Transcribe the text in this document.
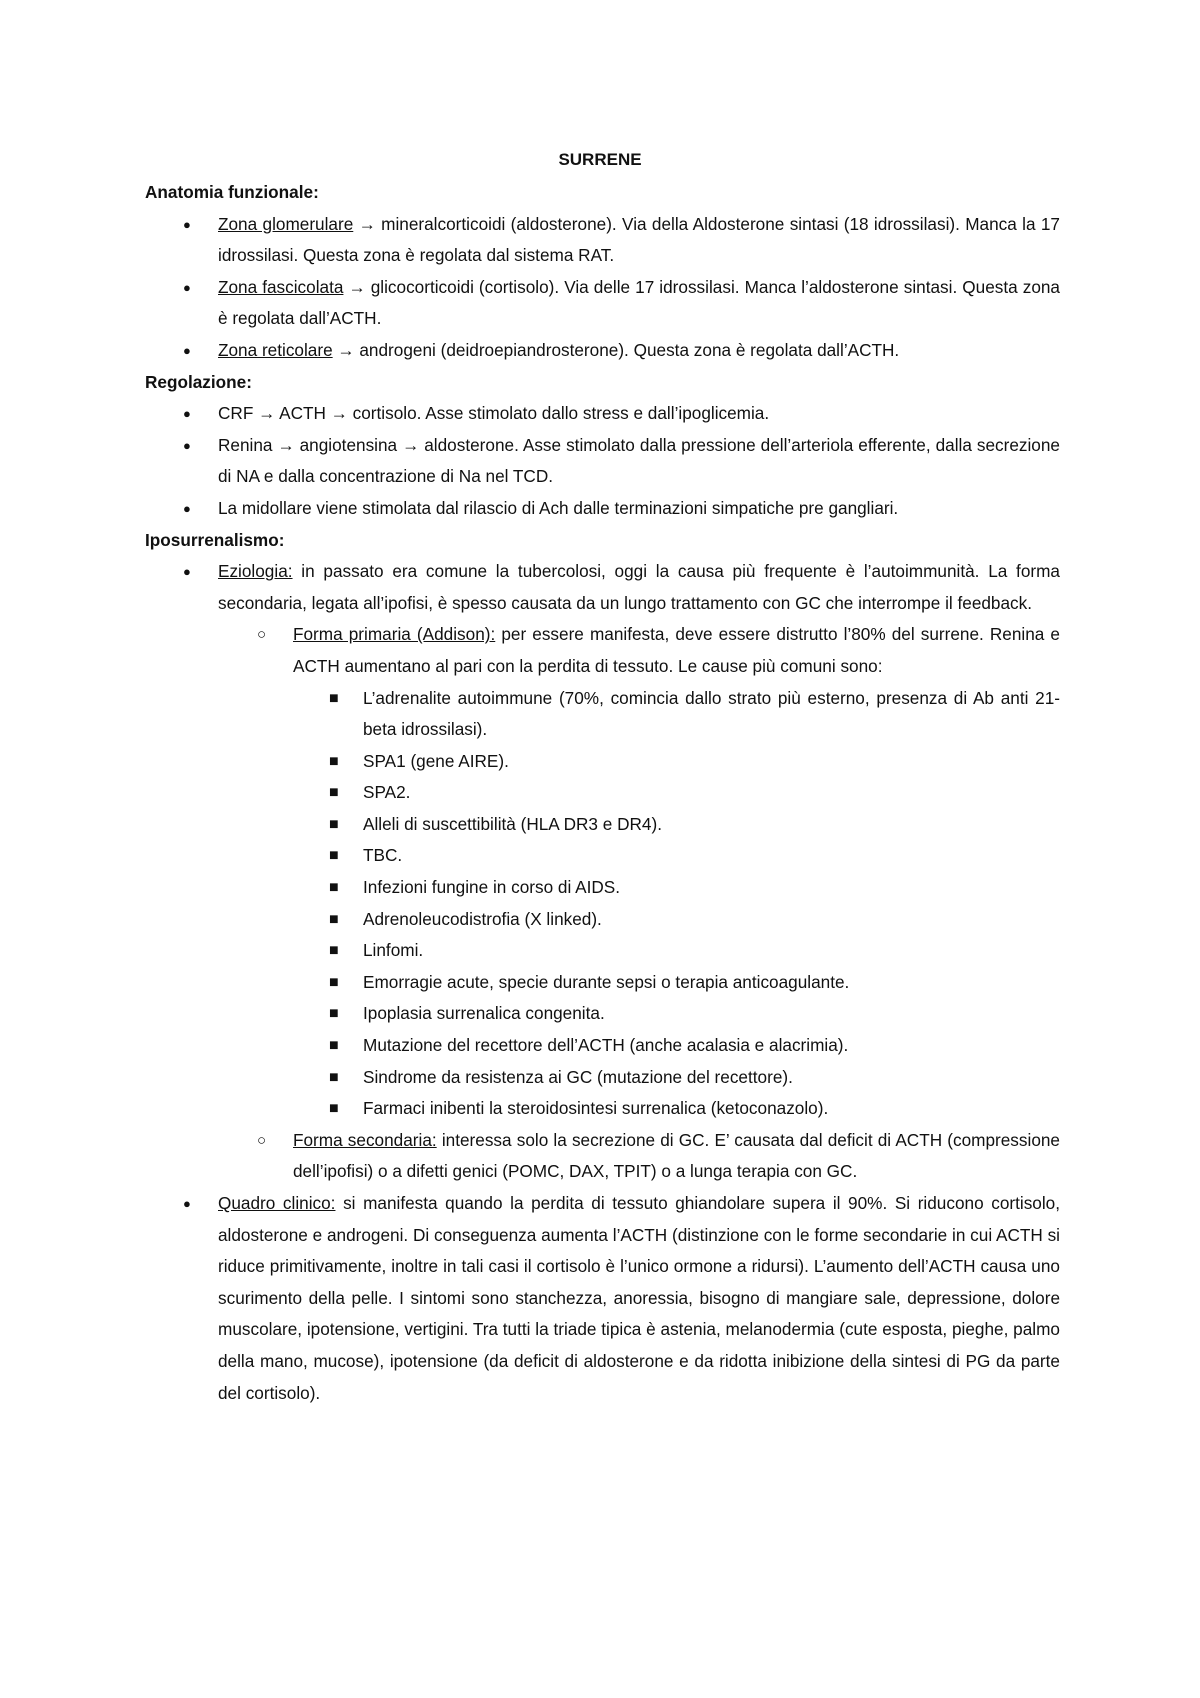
SURRENE
Anatomia funzionale:
● Zona glomerulare → mineralcorticoidi (aldosterone). Via della Aldosterone sintasi (18 idrossilasi). Manca la 17 idrossilasi. Questa zona è regolata dal sistema RAT.
● Zona fascicolata → glicocorticoidi (cortisolo). Via delle 17 idrossilasi. Manca l’aldosterone sintasi. Questa zona è regolata dall’ACTH.
● Zona reticolare → androgeni (deidroepiandrosterone). Questa zona è regolata dall’ACTH.
Regolazione:
● CRF → ACTH → cortisolo. Asse stimolato dallo stress e dall’ipoglicemia.
● Renina → angiotensina → aldosterone. Asse stimolato dalla pressione dell’arteriola efferente, dalla secrezione di NA e dalla concentrazione di Na nel TCD.
● La midollare viene stimolata dal rilascio di Ach dalle terminazioni simpatiche pre gangliari.
Iposurrenalismo:
● Eziologia: in passato era comune la tubercolosi, oggi la causa più frequente è l’autoimmunità. La forma secondaria, legata all’ipofisi, è spesso causata da un lungo trattamento con GC che interrompe il feedback.
○ Forma primaria (Addison): per essere manifesta, deve essere distrutto l’80% del surrene. Renina e ACTH aumentano al pari con la perdita di tessuto. Le cause più comuni sono:
■ L’adrenalite autoimmune (70%, comincia dallo strato più esterno, presenza di Ab anti 21-beta idrossilasi).
■ SPA1 (gene AIRE).
■ SPA2.
■ Alleli di suscettibilità (HLA DR3 e DR4).
■ TBC.
■ Infezioni fungine in corso di AIDS.
■ Adrenoleucodistrofia (X linked).
■ Linfomi.
■ Emorragie acute, specie durante sepsi o terapia anticoagulante.
■ Ipoplasia surrenalica congenita.
■ Mutazione del recettore dell’ACTH (anche acalasia e alacrimia).
■ Sindrome da resistenza ai GC (mutazione del recettore).
■ Farmaci inibenti la steroidosintesi surrenalica (ketoconazolo).
○ Forma secondaria: interessa solo la secrezione di GC. E’ causata dal deficit di ACTH (compressione dell’ipofisi) o a difetti genici (POMC, DAX, TPIT) o a lunga terapia con GC.
● Quadro clinico: si manifesta quando la perdita di tessuto ghiandolare supera il 90%. Si riducono cortisolo, aldosterone e androgeni. Di conseguenza aumenta l’ACTH (distinzione con le forme secondarie in cui ACTH si riduce primitivamente, inoltre in tali casi il cortisolo è l’unico ormone a ridursi). L’aumento dell’ACTH causa uno scurimento della pelle. I sintomi sono stanchezza, anoressia, bisogno di mangiare sale, depressione, dolore muscolare, ipotensione, vertigini. Tra tutti la triade tipica è astenia, melanodermia (cute esposta, pieghe, palmo della mano, mucose), ipotensione (da deficit di aldosterone e da ridotta inibizione della sintesi di PG da parte del cortisolo).
